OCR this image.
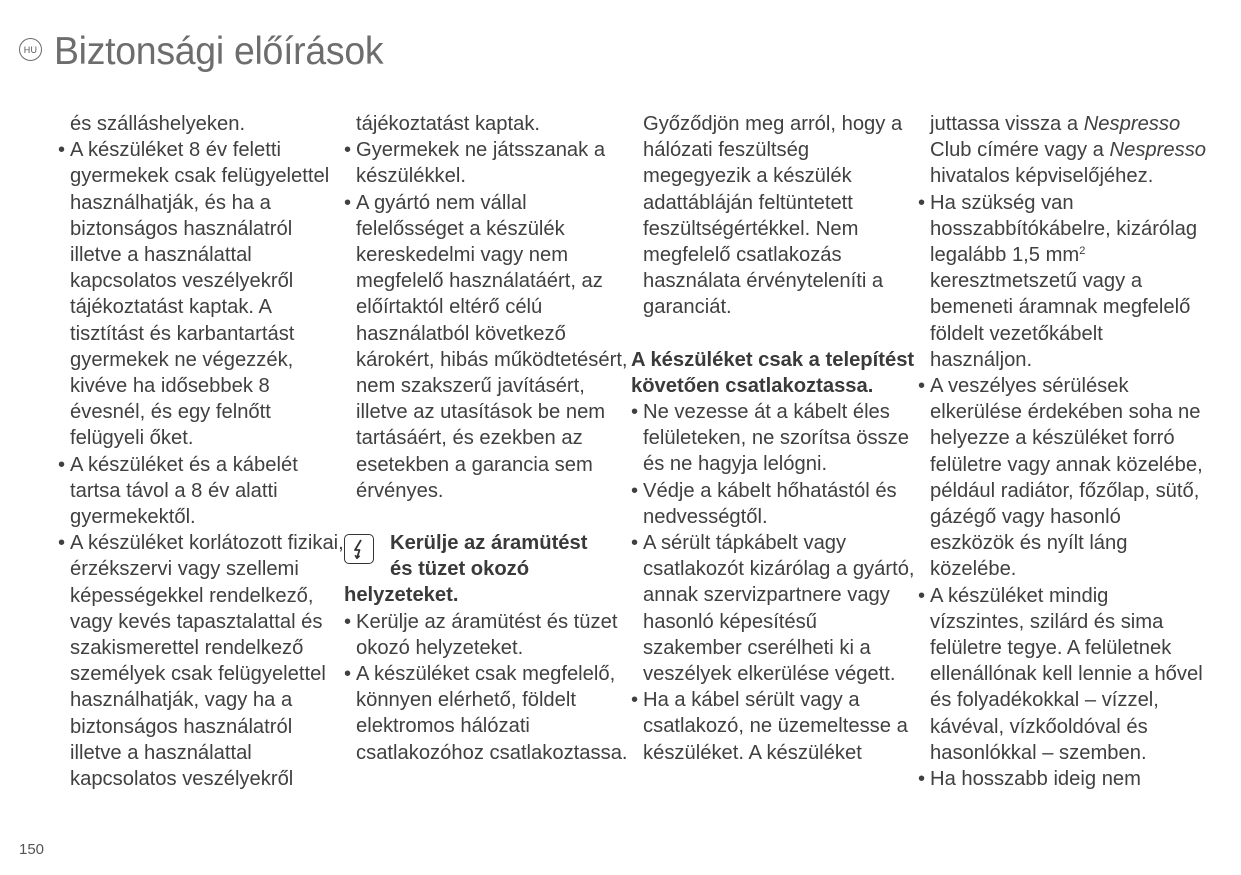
HU Biztonsági előírások

és szálláshelyeken.

• A készüléket 8 év feletti gyermekek csak felügyelettel használhatják, és ha a biztonságos használatról illetve a használattal kapcsolatos veszélyekről tájékoztatást kaptak. A tisztítást és karbantartást gyermekek ne végezzék, kivéve ha idősebbek 8 évesnél, és egy felnőtt felügyeli őket.

• A készüléket és a kábelét tartsa távol a 8 év alatti gyermekektől.

• A készüléket korlátozott fizikai, érzékszervi vagy szellemi képességekkel rendelkező, vagy kevés tapasztalattal és szakismerettel rendelkező személyek csak felügyelettel használhatják, vagy ha a biztonságos használatról illetve a használattal kapcsolatos veszélyekről

tájékoztatást kaptak.

• Gyermekek ne játsszanak a készülékkel.

• A gyártó nem vállal felelősséget a készülék kereskedelmi vagy nem megfelelő használatáért, az előírtaktól eltérő célú használatból következő károkért, hibás működtetésért, nem szakszerű javításért, illetve az utasítások be nem tartásáért, és ezekben az esetekben a garancia sem érvényes.

Kerülje az áramütést
és tüzet okozó
helyzeteket.

• Kerülje az áramütést és tüzet okozó helyzeteket.

• A készüléket csak megfelelő, könnyen elérhető, földelt elektromos hálózati csatlakozóhoz csatlakoztassa.

Győződjön meg arról, hogy a hálózati feszültség megegyezik a készülék adattábláján feltüntetett feszültségértékkel. Nem megfelelő csatlakozás használata érvényteleníti a garanciát.

A készüléket csak a telepítést követően csatlakoztassa.

• Ne vezesse át a kábelt éles felületeken, ne szorítsa össze és ne hagyja lelógni.

• Védje a kábelt hőhatástól és nedvességtől.

• A sérült tápkábelt vagy csatlakozót kizárólag a gyártó, annak szervizpartnere vagy hasonló képesítésű szakember cserélheti ki a veszélyek elkerülése végett.

• Ha a kábel sérült vagy a csatlakozó, ne üzemeltesse a készüléket. A készüléket

juttassa vissza a Nespresso Club címére vagy a Nespresso hivatalos képviselőjéhez.

• Ha szükség van hosszabbítókábelre, kizárólag legalább 1,5 $mm^2$ keresztmetszetű vagy a bemeneti áramnak megfelelő földelt vezetőkábelt használjon.

• A veszélyes sérülések elkerülése érdekében soha ne helyezze a készüléket forró felületre vagy annak közelébe, például radiátor, főzőlap, sütő, gázégő vagy hasonló eszközök és nyílt láng közelébe.

• A készüléket mindig vízszintes, szilárd és sima felületre tegye. A felületnek ellenállónak kell lennie a hővel és folyadékokkal – vízzel, kávéval, vízkőoldóval és hasonlókkal – szemben.

• Ha hosszabb ideig nem

150
